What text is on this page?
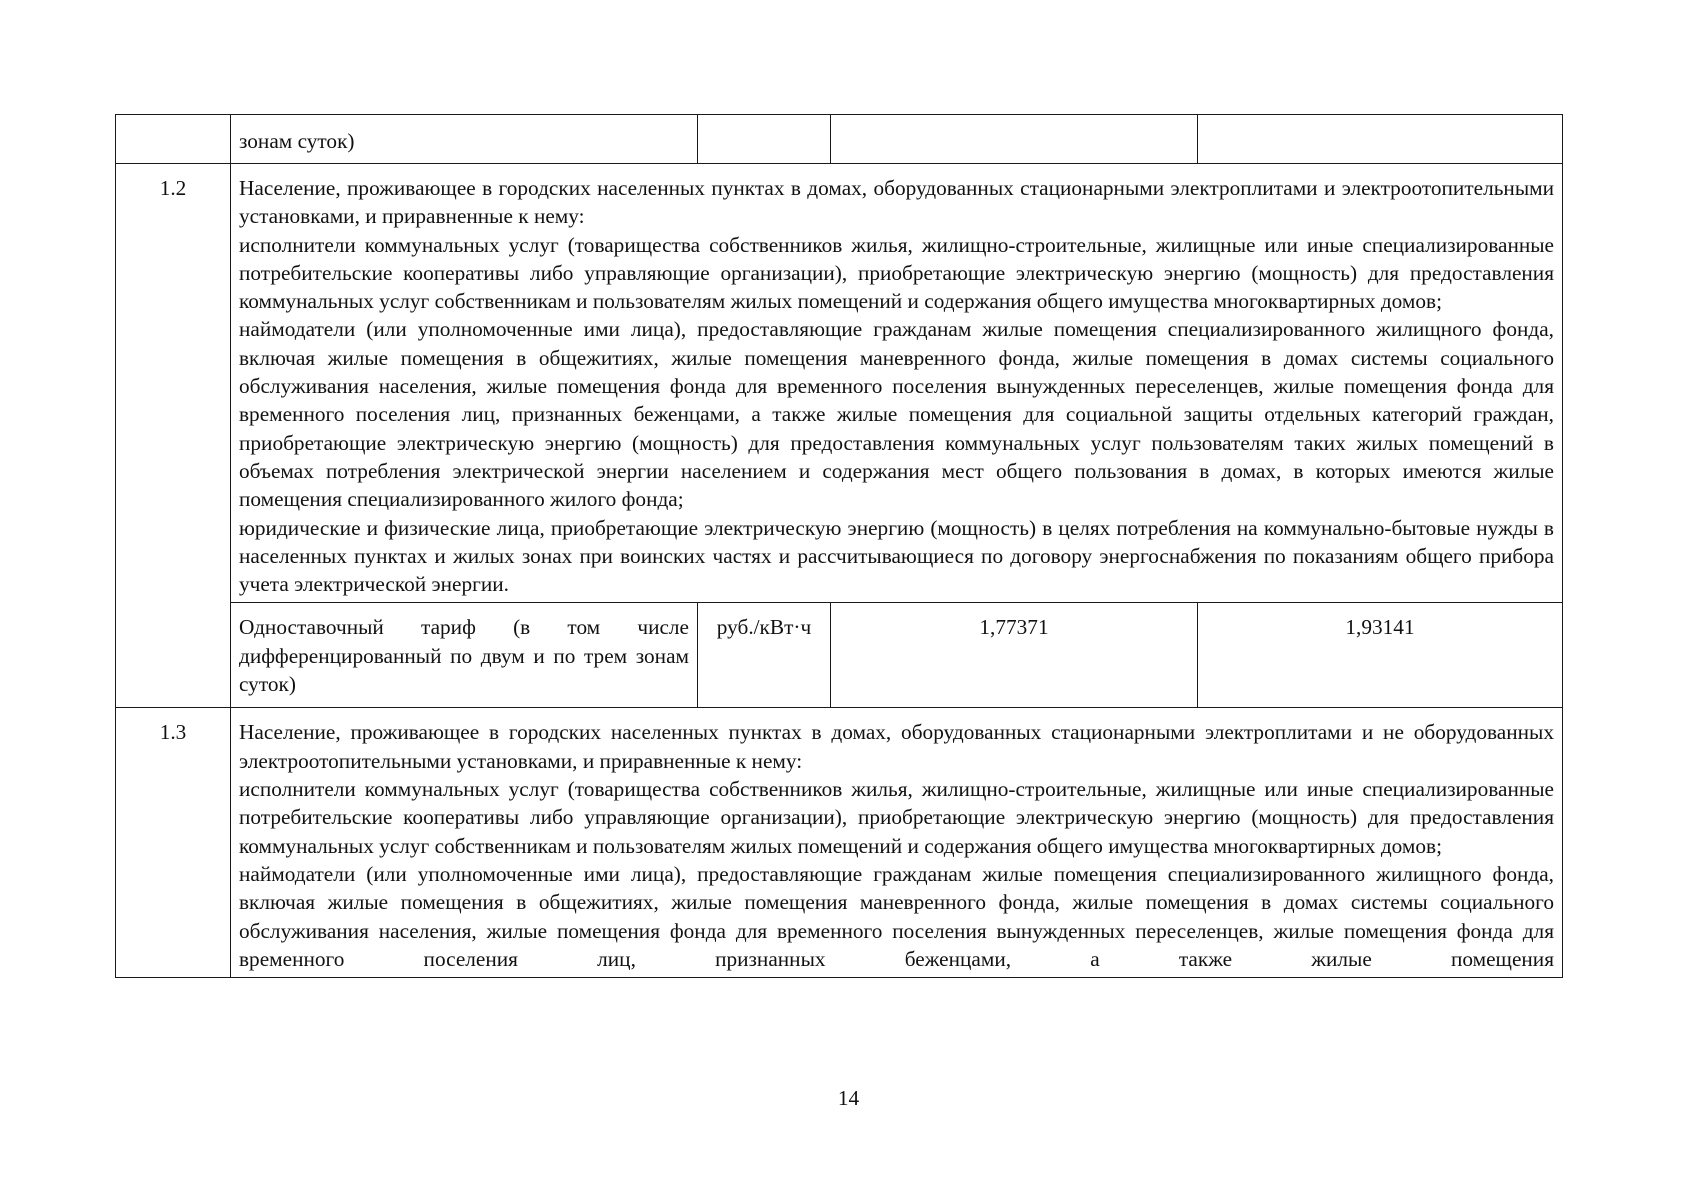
	зонам суток)			
1.2	Население, проживающее в городских населенных пунктах в домах, оборудованных стационарными электроплитами и электроотопительными установками, и приравненные к нему:

исполнители коммунальных услуг (товарищества собственников жилья, жилищно-строительные, жилищные или иные специализированные потребительские кооперативы либо управляющие организации), приобретающие электрическую энергию (мощность) для предоставления коммунальных услуг собственникам и пользователям жилых помещений и содержания общего имущества многоквартирных домов;

наймодатели (или уполномоченные ими лица), предоставляющие гражданам жилые помещения специализированного жилищного фонда, включая жилые помещения в общежитиях, жилые помещения маневренного фонда, жилые помещения в домах системы социального обслуживания населения, жилые помещения фонда для временного поселения вынужденных переселенцев, жилые помещения фонда для временного поселения лиц, признанных беженцами, а также жилые помещения для социальной защиты отдельных категорий граждан, приобретающие электрическую энергию (мощность) для предоставления коммунальных услуг пользователям таких жилых помещений в объемах потребления электрической энергии населением и содержания мест общего пользования в домах, в которых имеются жилые помещения специализированного жилого фонда;

юридические и физические лица, приобретающие электрическую энергию (мощность) в целях потребления на коммунально-бытовые нужды в населенных пунктах и жилых зонах при воинских частях и рассчитывающиеся по договору энергоснабжения по показаниям общего прибора учета электрической энергии.			

	Одноставочный тариф (в том числе дифференцированный по двум и по трем зонам суток)	руб./кВт·ч	1,77371	1,93141
1.3	Население, проживающее в городских населенных пунктах в домах, оборудованных стационарными электроплитами и не оборудованных электроотопительными установками, и приравненные к нему:

исполнители коммунальных услуг (товарищества собственников жилья, жилищно-строительные, жилищные или иные специализированные потребительские кооперативы либо управляющие организации), приобретающие электрическую энергию (мощность) для предоставления коммунальных услуг собственникам и пользователям жилых помещений и содержания общего имущества многоквартирных домов;

наймодатели (или уполномоченные ими лица), предоставляющие гражданам жилые помещения специализированного жилищного фонда, включая жилые помещения в общежитиях, жилые помещения маневренного фонда, жилые помещения в домах системы социального обслуживания населения, жилые помещения фонда для временного поселения вынужденных переселенцев, жилые помещения фонда для временного поселения лиц, признанных беженцами, а также жилые помещения			

14
